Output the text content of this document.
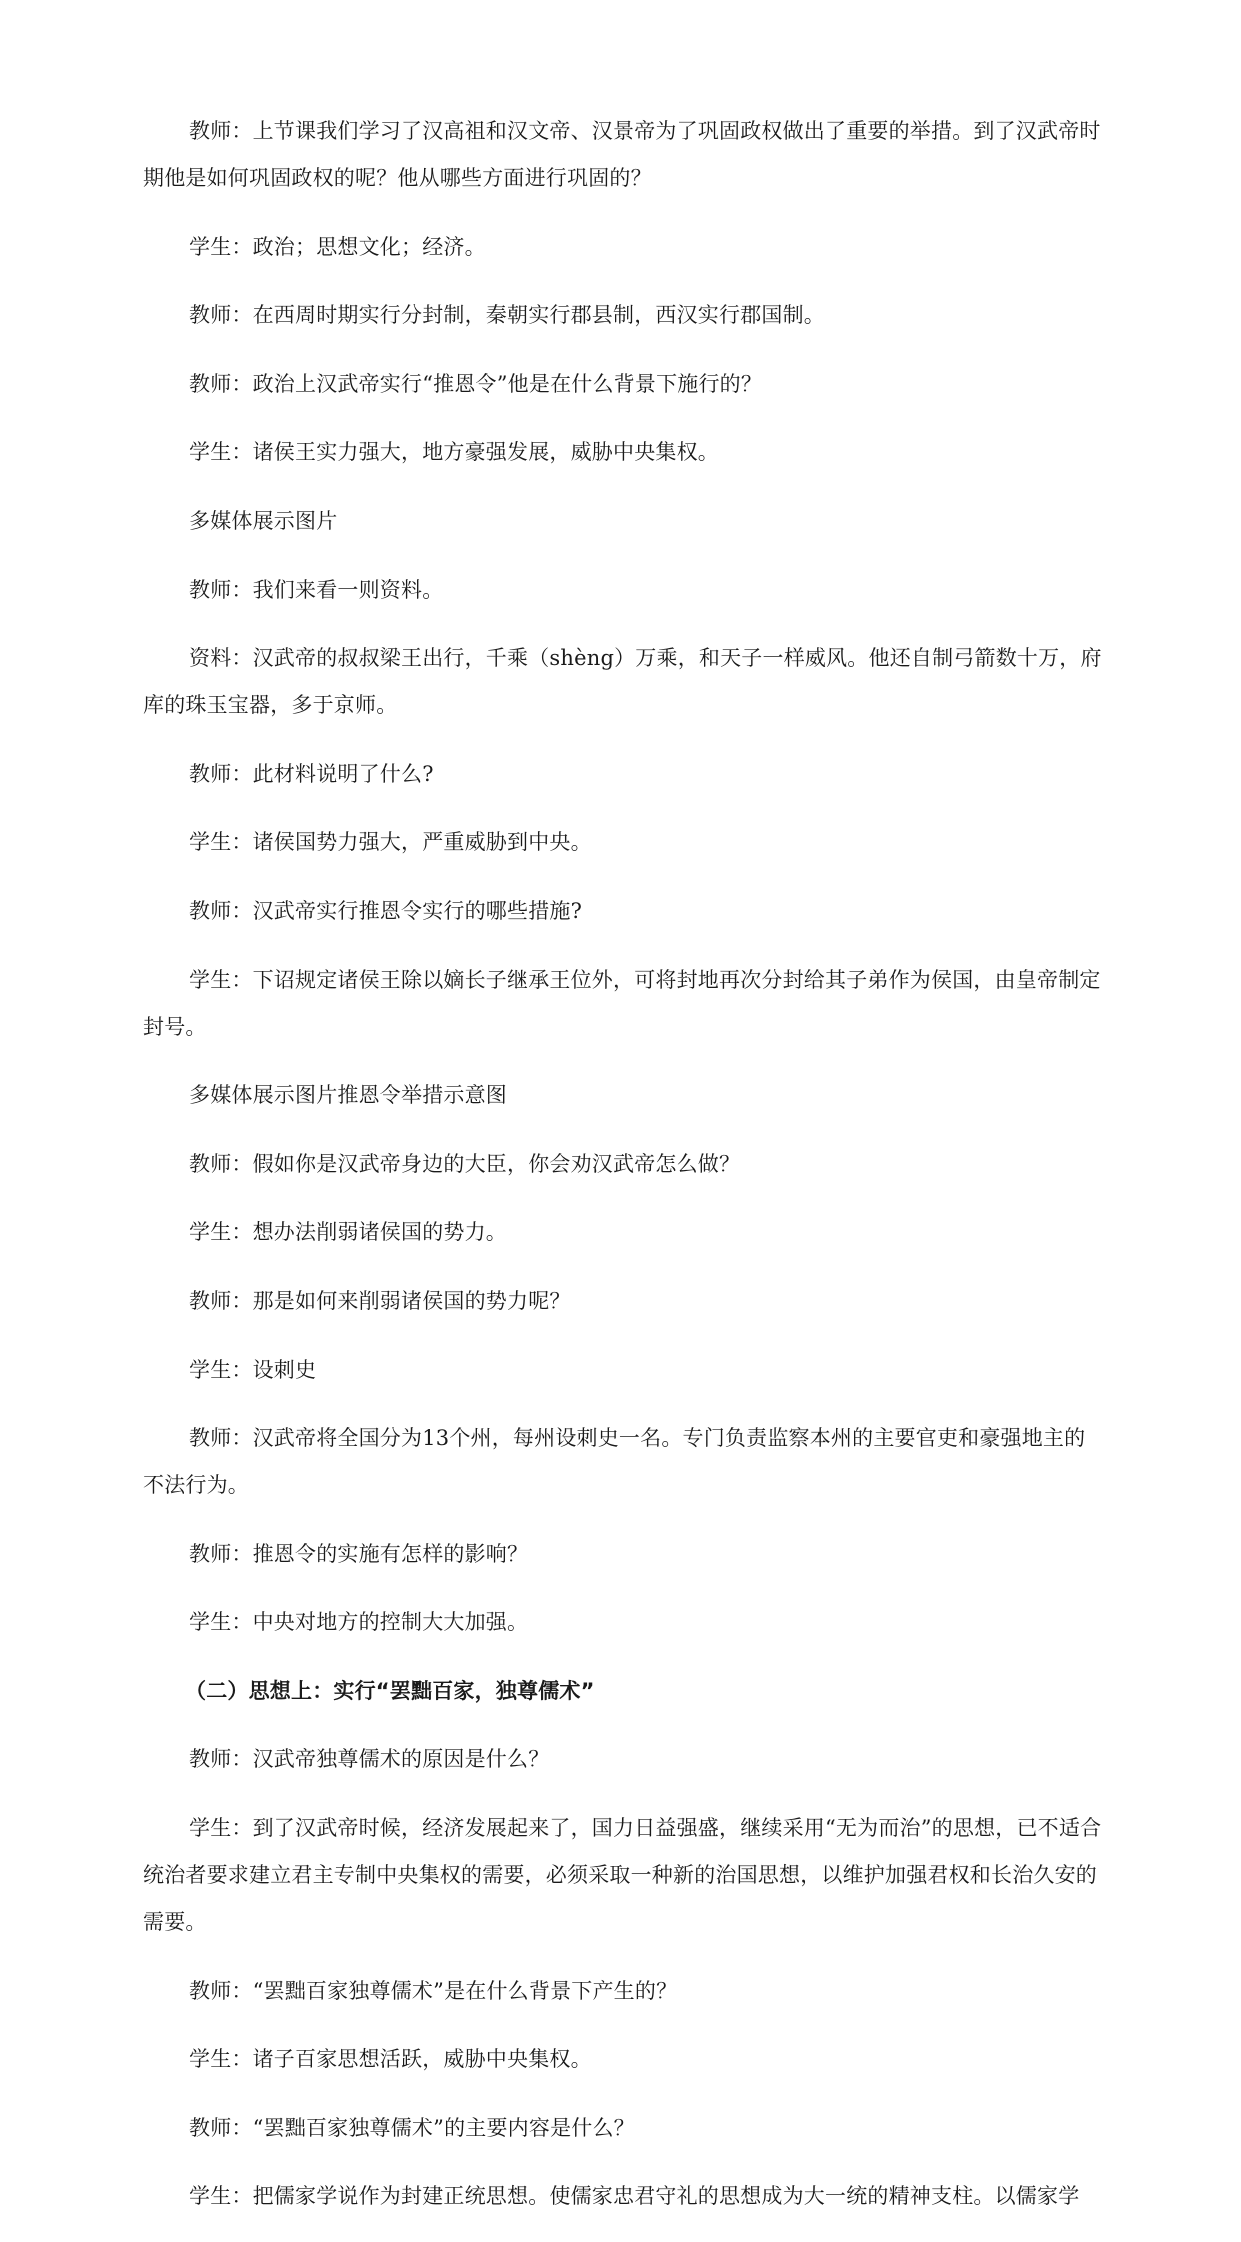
教师：上节课我们学习了汉高祖和汉文帝、汉景帝为了巩固政权做出了重要的举措。到了汉武帝时期他是如何巩固政权的呢？他从哪些方面进行巩固的？

学生：政治；思想文化；经济。

教师：在西周时期实行分封制，秦朝实行郡县制，西汉实行郡国制。

教师：政治上汉武帝实行“推恩令”他是在什么背景下施行的？

学生：诸侯王实力强大，地方豪强发展，威胁中央集权。

多媒体展示图片

教师：我们来看一则资料。

资料：汉武帝的叔叔梁王出行，千乘（shèng）万乘，和天子一样威风。他还自制弓箭数十万，府库的珠玉宝器，多于京师。

教师：此材料说明了什么?

学生：诸侯国势力强大，严重威胁到中央。

教师：汉武帝实行推恩令实行的哪些措施?

学生：下诏规定诸侯王除以嫡长子继承王位外，可将封地再次分封给其子弟作为侯国，由皇帝制定封号。

多媒体展示图片推恩令举措示意图

教师：假如你是汉武帝身边的大臣，你会劝汉武帝怎么做？

学生：想办法削弱诸侯国的势力。

教师：那是如何来削弱诸侯国的势力呢？

学生：设刺史

教师：汉武帝将全国分为13个州，每州设刺史一名。专门负责监察本州的主要官吏和豪强地主的不法行为。

教师：推恩令的实施有怎样的影响？

学生：中央对地方的控制大大加强。

（二）思想上：实行“罢黜百家，独尊儒术”

教师：汉武帝独尊儒术的原因是什么？

学生：到了汉武帝时候，经济发展起来了，国力日益强盛，继续采用“无为而治”的思想，已不适合统治者要求建立君主专制中央集权的需要，必须采取一种新的治国思想，以维护加强君权和长治久安的需要。

教师：“罢黜百家独尊儒术”是在什么背景下产生的？

学生：诸子百家思想活跃，威胁中央集权。

教师：“罢黜百家独尊儒术”的主要内容是什么？

学生：把儒家学说作为封建正统思想。使儒家忠君守礼的思想成为大一统的精神支柱。以儒家学
